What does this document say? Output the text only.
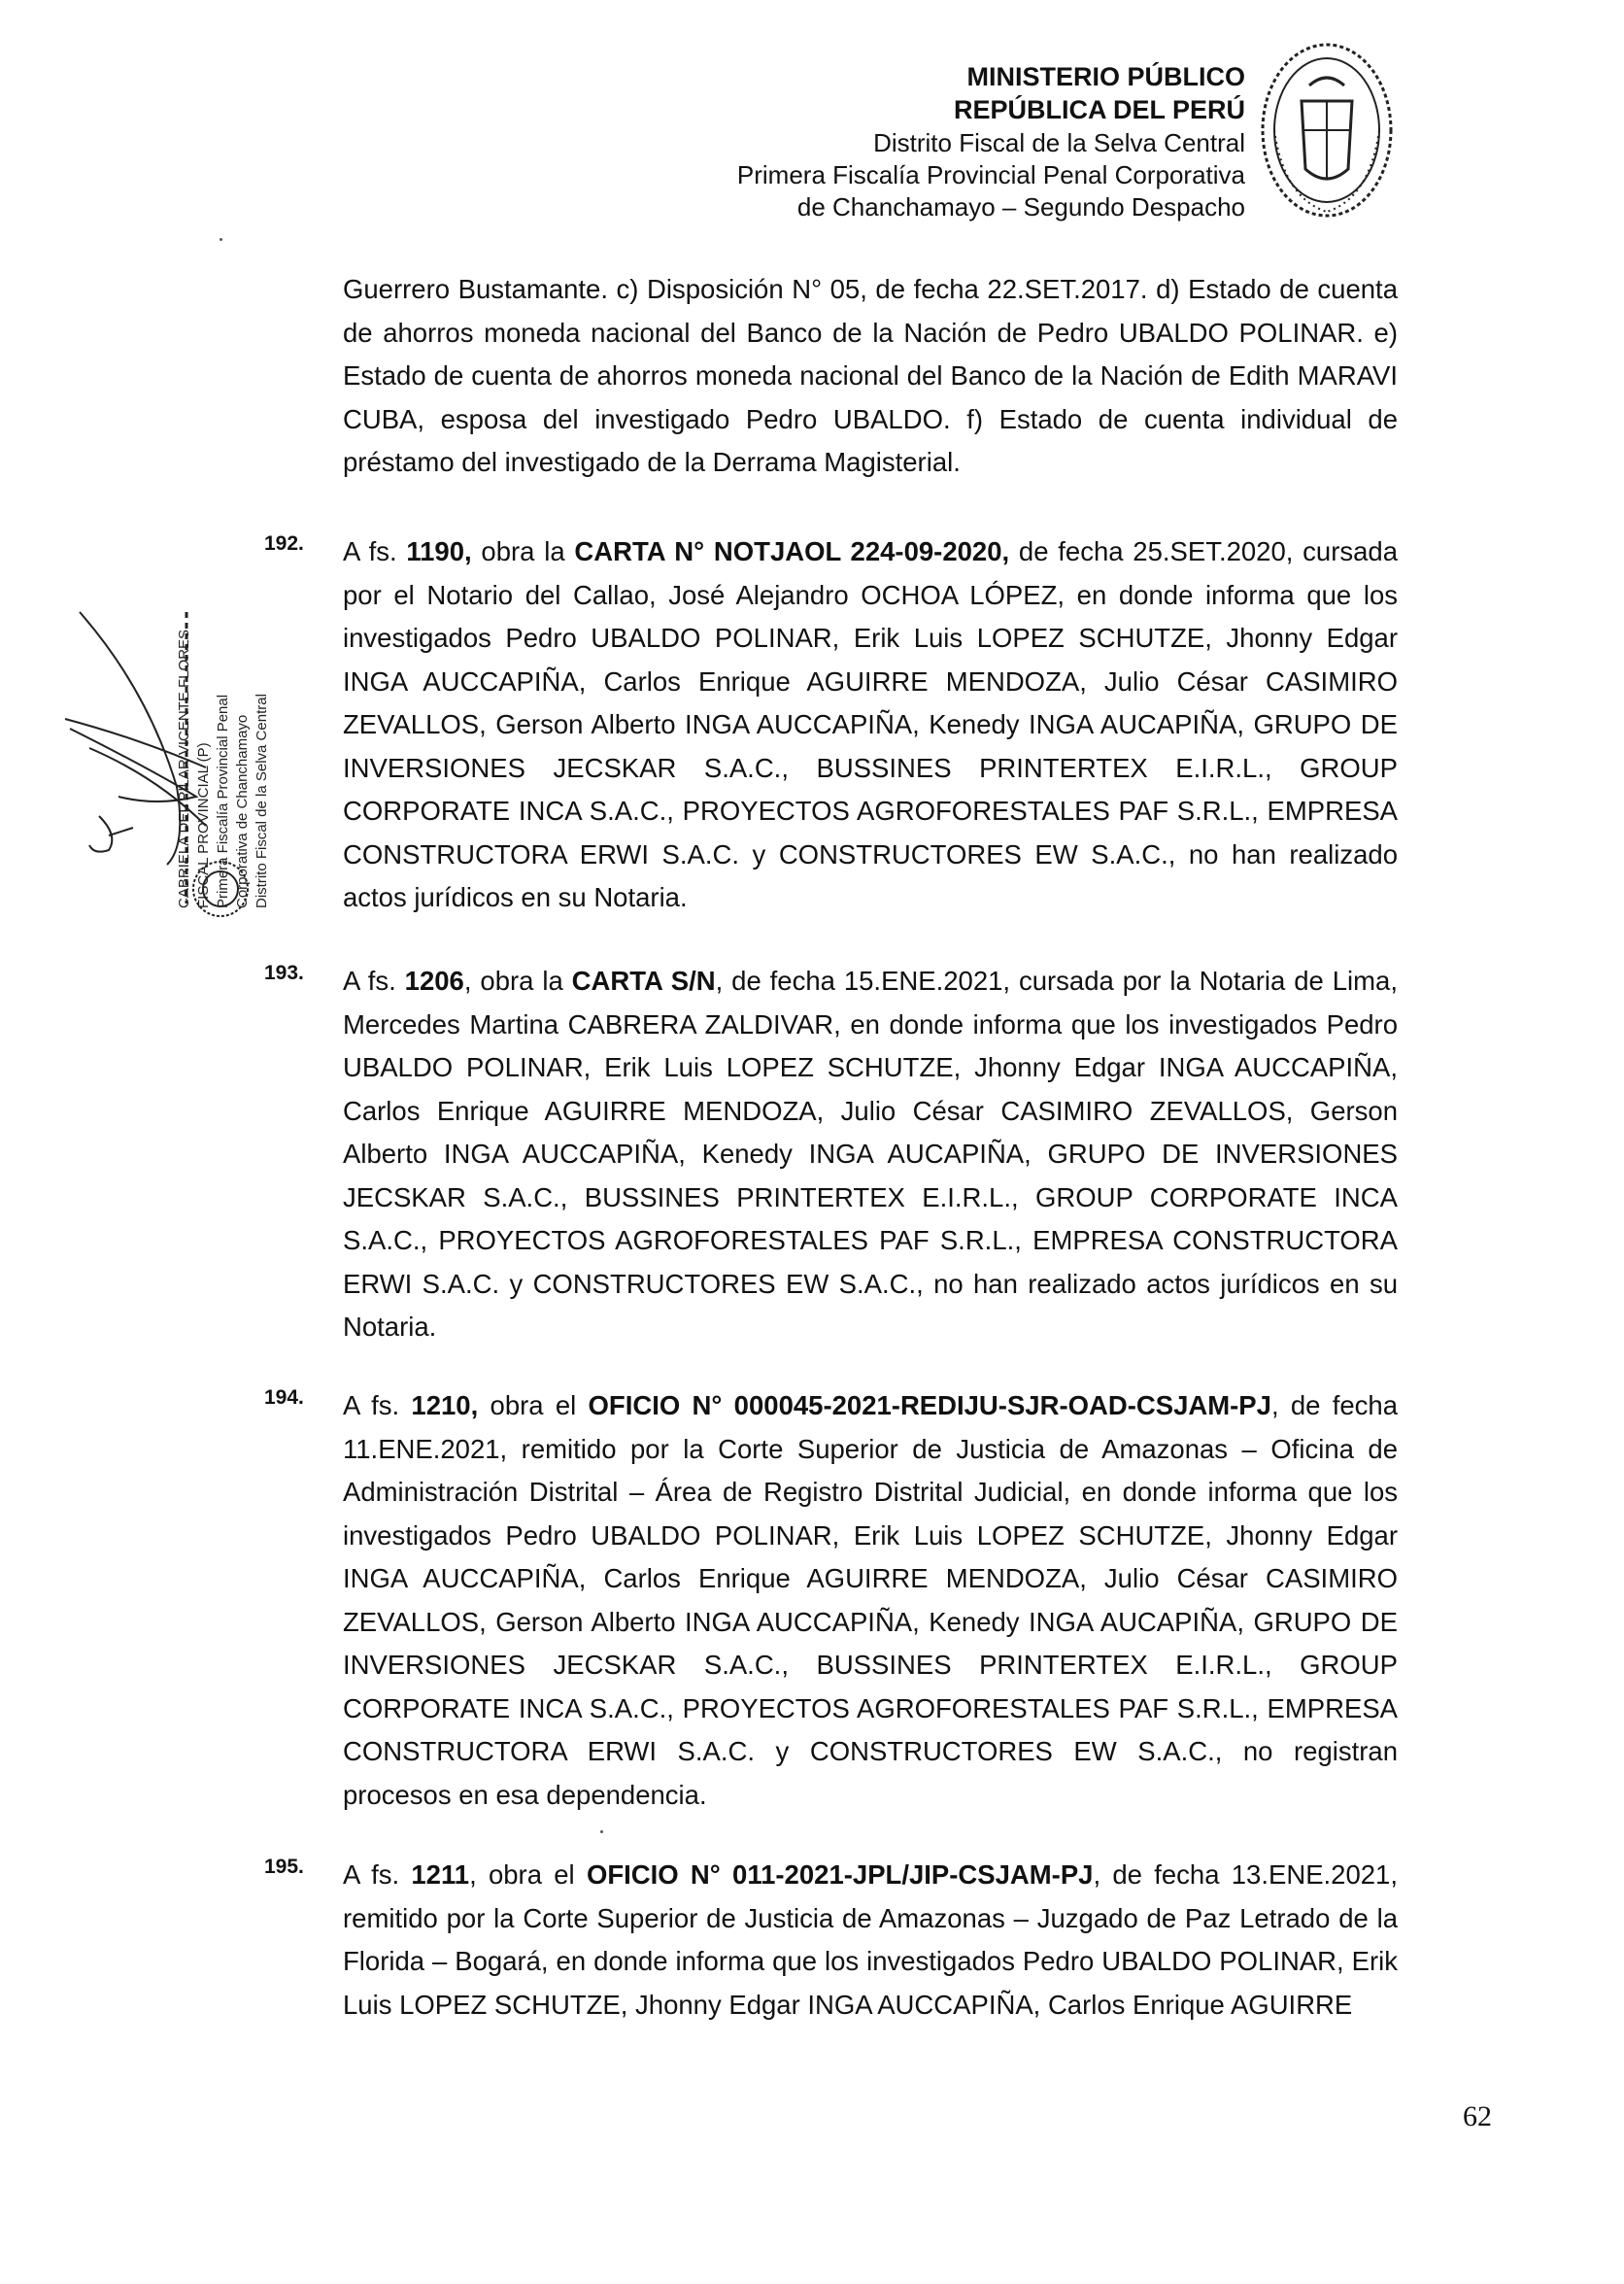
MINISTERIO PÚBLICO
REPÚBLICA DEL PERÚ
Distrito Fiscal de la Selva Central
Primera Fiscalía Provincial Penal Corporativa
de Chanchamayo – Segundo Despacho
Guerrero Bustamante. c) Disposición N° 05, de fecha 22.SET.2017. d) Estado de cuenta de ahorros moneda nacional del Banco de la Nación de Pedro UBALDO POLINAR. e) Estado de cuenta de ahorros moneda nacional del Banco de la Nación de Edith MARAVI CUBA, esposa del investigado Pedro UBALDO. f) Estado de cuenta individual de préstamo del investigado de la Derrama Magisterial.
192.	A fs. 1190, obra la CARTA N° NOTJAOL 224-09-2020, de fecha 25.SET.2020, cursada por el Notario del Callao, José Alejandro OCHOA LÓPEZ, en donde informa que los investigados Pedro UBALDO POLINAR, Erik Luis LOPEZ SCHUTZE, Jhonny Edgar INGA AUCCAPIÑA, Carlos Enrique AGUIRRE MENDOZA, Julio César CASIMIRO ZEVALLOS, Gerson Alberto INGA AUCCAPIÑA, Kenedy INGA AUCAPIÑA, GRUPO DE INVERSIONES JECSKAR S.A.C., BUSSINES PRINTERTEX E.I.R.L., GROUP CORPORATE INCA S.A.C., PROYECTOS AGROFORESTALES PAF S.R.L., EMPRESA CONSTRUCTORA ERWI S.A.C. y CONSTRUCTORES EW S.A.C., no han realizado actos jurídicos en su Notaria.
193.	A fs. 1206, obra la CARTA S/N, de fecha 15.ENE.2021, cursada por la Notaria de Lima, Mercedes Martina CABRERA ZALDIVAR, en donde informa que los investigados Pedro UBALDO POLINAR, Erik Luis LOPEZ SCHUTZE, Jhonny Edgar INGA AUCCAPIÑA, Carlos Enrique AGUIRRE MENDOZA, Julio César CASIMIRO ZEVALLOS, Gerson Alberto INGA AUCCAPIÑA, Kenedy INGA AUCAPIÑA, GRUPO DE INVERSIONES JECSKAR S.A.C., BUSSINES PRINTERTEX E.I.R.L., GROUP CORPORATE INCA S.A.C., PROYECTOS AGROFORESTALES PAF S.R.L., EMPRESA CONSTRUCTORA ERWI S.A.C. y CONSTRUCTORES EW S.A.C., no han realizado actos jurídicos en su Notaria.
194.	A fs. 1210, obra el OFICIO N° 000045-2021-REDIJU-SJR-OAD-CSJAM-PJ, de fecha 11.ENE.2021, remitido por la Corte Superior de Justicia de Amazonas – Oficina de Administración Distrital – Área de Registro Distrital Judicial, en donde informa que los investigados Pedro UBALDO POLINAR, Erik Luis LOPEZ SCHUTZE, Jhonny Edgar INGA AUCCAPIÑA, Carlos Enrique AGUIRRE MENDOZA, Julio César CASIMIRO ZEVALLOS, Gerson Alberto INGA AUCCAPIÑA, Kenedy INGA AUCAPIÑA, GRUPO DE INVERSIONES JECSKAR S.A.C., BUSSINES PRINTERTEX E.I.R.L., GROUP CORPORATE INCA S.A.C., PROYECTOS AGROFORESTALES PAF S.R.L., EMPRESA CONSTRUCTORA ERWI S.A.C. y CONSTRUCTORES EW S.A.C., no registran procesos en esa dependencia.
195.	A fs. 1211, obra el OFICIO N° 011-2021-JPL/JIP-CSJAM-PJ, de fecha 13.ENE.2021, remitido por la Corte Superior de Justicia de Amazonas – Juzgado de Paz Letrado de la Florida – Bogará, en donde informa que los investigados Pedro UBALDO POLINAR, Erik Luis LOPEZ SCHUTZE, Jhonny Edgar INGA AUCCAPIÑA, Carlos Enrique AGUIRRE
CABRIELA DEL PILAR VICENTE FLORES FISCAL PROVINCIAL (P) Primera Fiscalía Provincial Penal Corporativa de Chanchamayo Distrito Fiscal de la Selva Central
62
